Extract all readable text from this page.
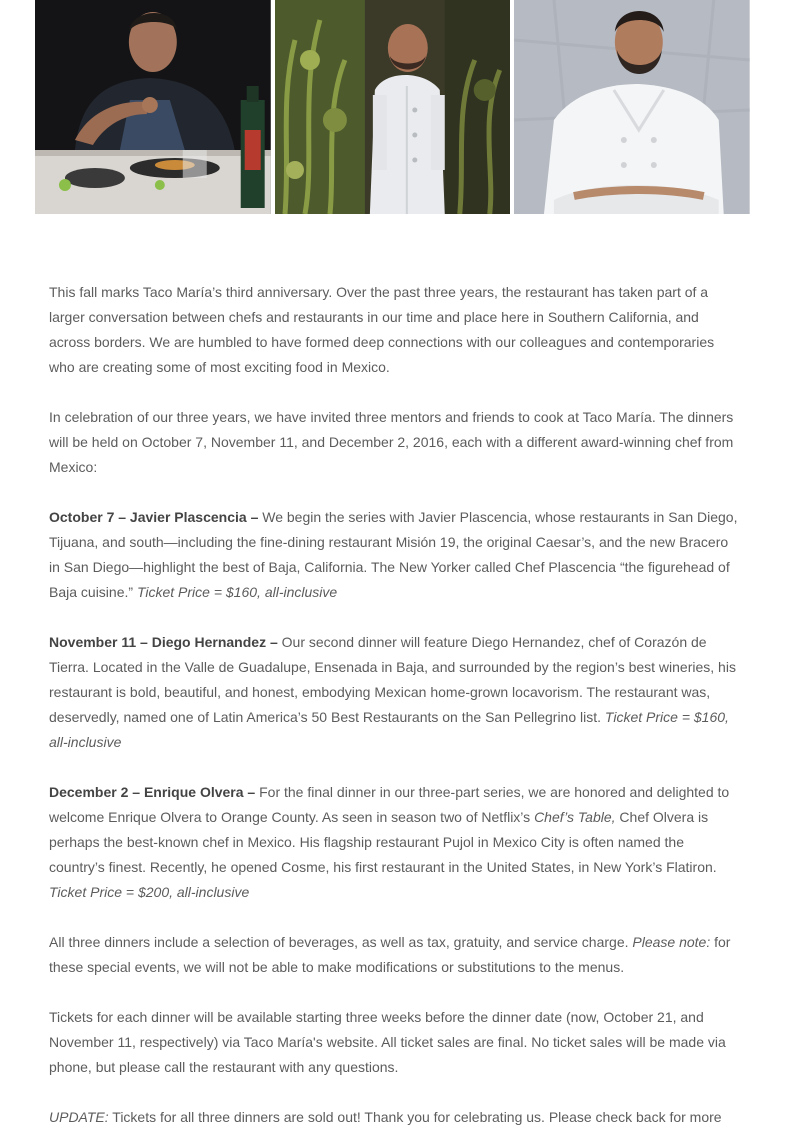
This fall marks Taco María’s third anniversary. Over the past three years, the restaurant has taken part of a larger conversation between chefs and restaurants in our time and place here in Southern California, and across borders. We are humbled to have formed deep connections with our colleagues and contemporaries who are creating some of most exciting food in Mexico.

In celebration of our three years, we have invited three mentors and friends to cook at Taco María. The dinners will be held on October 7, November 11, and December 2, 2016, each with a different award-winning chef from Mexico:

October 7 – Javier Plascencia – We begin the series with Javier Plascencia, whose restaurants in San Diego, Tijuana, and south—including the fine-dining restaurant Misión 19, the original Caesar’s, and the new Bracero in San Diego—highlight the best of Baja, California. The New Yorker called Chef Plascencia “the figurehead of Baja cuisine.” Ticket Price = $160, all-inclusive

November 11 – Diego Hernandez – Our second dinner will feature Diego Hernandez, chef of Corazón de Tierra. Located in the Valle de Guadalupe, Ensenada in Baja, and surrounded by the region’s best wineries, his restaurant is bold, beautiful, and honest, embodying Mexican home-grown locavorism. The restaurant was, deservedly, named one of Latin America’s 50 Best Restaurants on the San Pellegrino list. Ticket Price = $160, all-inclusive

December 2 – Enrique Olvera – For the final dinner in our three-part series, we are honored and delighted to welcome Enrique Olvera to Orange County. As seen in season two of Netflix’s Chef’s Table, Chef Olvera is perhaps the best-known chef in Mexico. His flagship restaurant Pujol in Mexico City is often named the country’s finest. Recently, he opened Cosme, his first restaurant in the United States, in New York’s Flatiron. Ticket Price = $200, all-inclusive

All three dinners include a selection of beverages, as well as tax, gratuity, and service charge. Please note: for these special events, we will not be able to make modifications or substitutions to the menus.

Tickets for each dinner will be available starting three weeks before the dinner date (now, October 21, and November 11, respectively) via Taco María's website. All ticket sales are final. No ticket sales will be made via phone, but please call the restaurant with any questions.

UPDATE: Tickets for all three dinners are sold out! Thank you for celebrating us. Please check back for more
